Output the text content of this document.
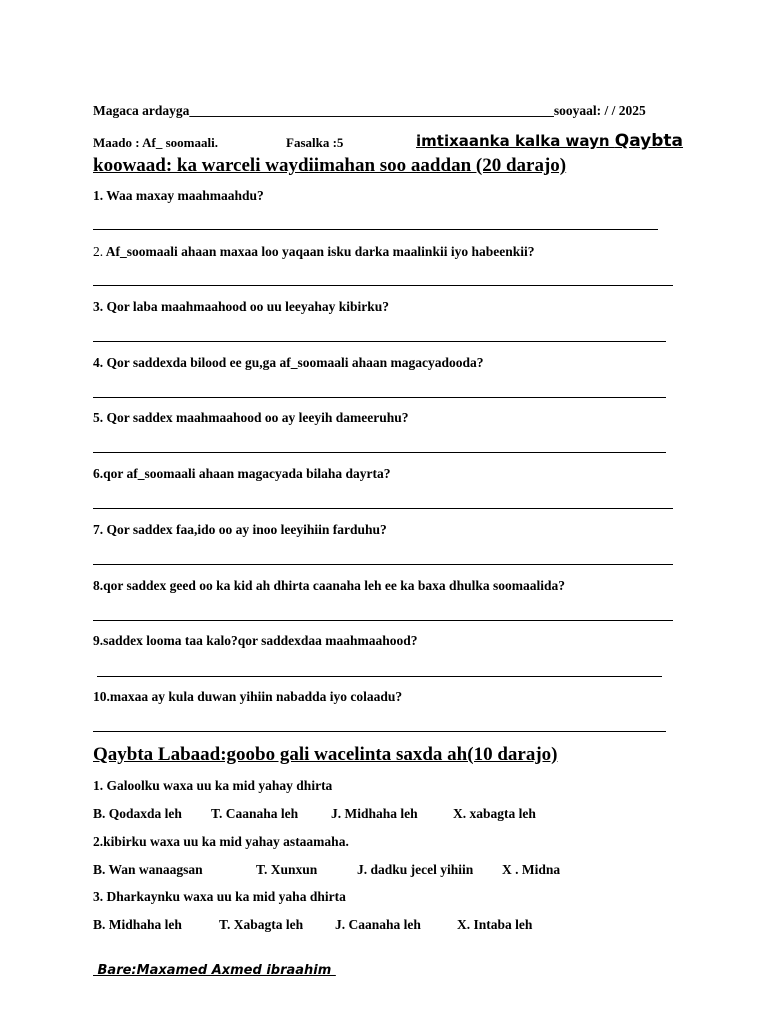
Magaca ardayga______________________________________________________sooyaal: / / 2025
Maado : Af_ soomaali.	Fasalka :5	imtixaanka kalka wayn Qaybta
koowaad: ka warceli waydiimahan soo aaddan (20 darajo)
1. Waa maxay maahmaahdu?
2. Af_soomaali ahaan maxaa loo yaqaan isku darka maalinkii iyo habeenkii?
3. Qor laba maahmaahood oo uu leeyahay kibirku?
4. Qor saddexda bilood ee gu,ga af_soomaali ahaan magacyadooda?
5. Qor saddex maahmaahood oo ay leeyih dameeruhu?
6.qor af_soomaali ahaan magacyada bilaha dayrta?
7. Qor saddex faa,ido oo ay inoo leeyihiin farduhu?
8.qor saddex geed oo ka kid ah dhirta caanaha leh ee ka baxa dhulka soomaalida?
9.saddex looma taa kalo?qor saddexdaa maahmaahood?
10.maxaa ay kula duwan yihiin nabadda iyo colaadu?
Qaybta Labaad:goobo gali wacelinta saxda ah(10 darajo)
1. Galoolku waxa uu ka mid yahay dhirta
B. Qodaxda leh T. Caanaha leh J. Midhaha leh	X. xabagta leh
2.kibirku waxa uu ka mid yahay astaamaha.
B. Wan wanaagsan	T. Xunxun	J. dadku jecel yihiin X . Midna
3. Dharkaynku waxa uu ka mid yaha dhirta
B. Midhaha leh	T. Xabagta leh J. Caanaha leh	X. Intaba leh
Bare:Maxamed Axmed ibraahim
